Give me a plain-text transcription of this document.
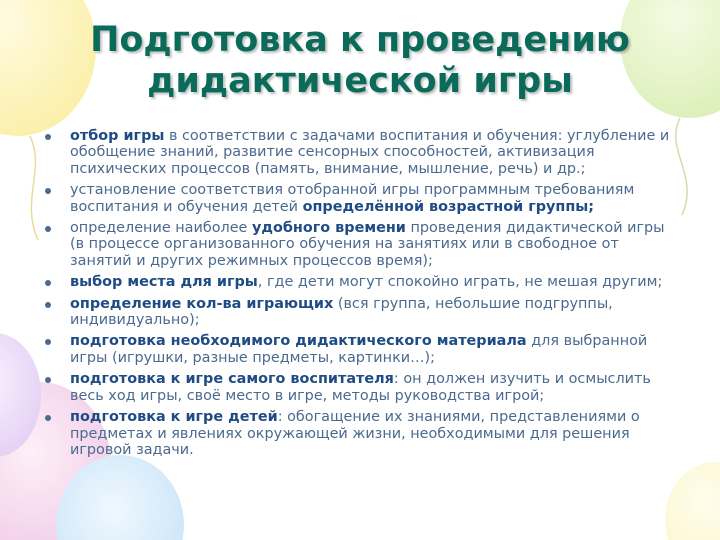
Подготовка к проведению
дидактической игры
отбор игры в соответствии с задачами воспитания и обучения: углубление и обобщение знаний, развитие сенсорных способностей, активизация психических процессов (память, внимание, мышление, речь) и др.;
установление соответствия отобранной игры программным требованиям воспитания и обучения детей определённой возрастной группы;
определение наиболее удобного времени проведения дидактической игры (в процессе организованного обучения на занятиях или в свободное от занятий и других режимных процессов время);
выбор места для игры, где дети могут спокойно играть, не мешая другим;
определение кол-ва играющих (вся группа, небольшие подгруппы, индивидуально);
подготовка необходимого дидактического материала для выбранной игры (игрушки, разные предметы, картинки…);
подготовка к игре самого воспитателя: он должен изучить и осмыслить весь ход игры, своё место в игре, методы руководства игрой;
подготовка к игре детей: обогащение их знаниями, представлениями о предметах и явлениях окружающей жизни, необходимыми для решения игровой задачи.
